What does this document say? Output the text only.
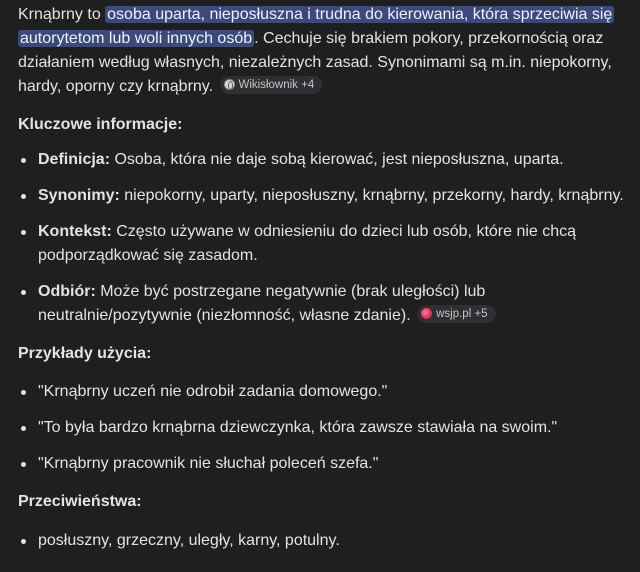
Krnąbrny to osoba uparta, nieposłuszna i trudna do kierowania, która sprzeciwia się autorytetom lub woli innych osób . Cechuje się brakiem pokory, przekornością oraz działaniem według własnych, niezależnych zasad. Synonimami są m.in. niepokorny, hardy, oporny czy krnąbrny. Wikisłownik +4

Kluczowe informacje:
Definicja: Osoba, która nie daje sobą kierować, jest nieposłuszna, uparta.
Synonimy: niepokorny, uparty, nieposłuszny, krnąbrny, przekorny, hardy, krnąbrny.
Kontekst: Często używane w odniesieniu do dzieci lub osób, które nie chcą podporządkować się zasadom.
Odbiór: Może być postrzegane negatywnie (brak uległości) lub neutralnie/pozytywnie (niezłomność, własne zdanie). wsjp.pl +5
Przykłady użycia:
"Krnąbrny uczeń nie odrobił zadania domowego."
"To była bardzo krnąbrna dziewczynka, która zawsze stawiała na swoim."
"Krnąbrny pracownik nie słuchał poleceń szefa."
Przeciwieństwa:
posłuszny, grzeczny, uległy, karny, potulny.
